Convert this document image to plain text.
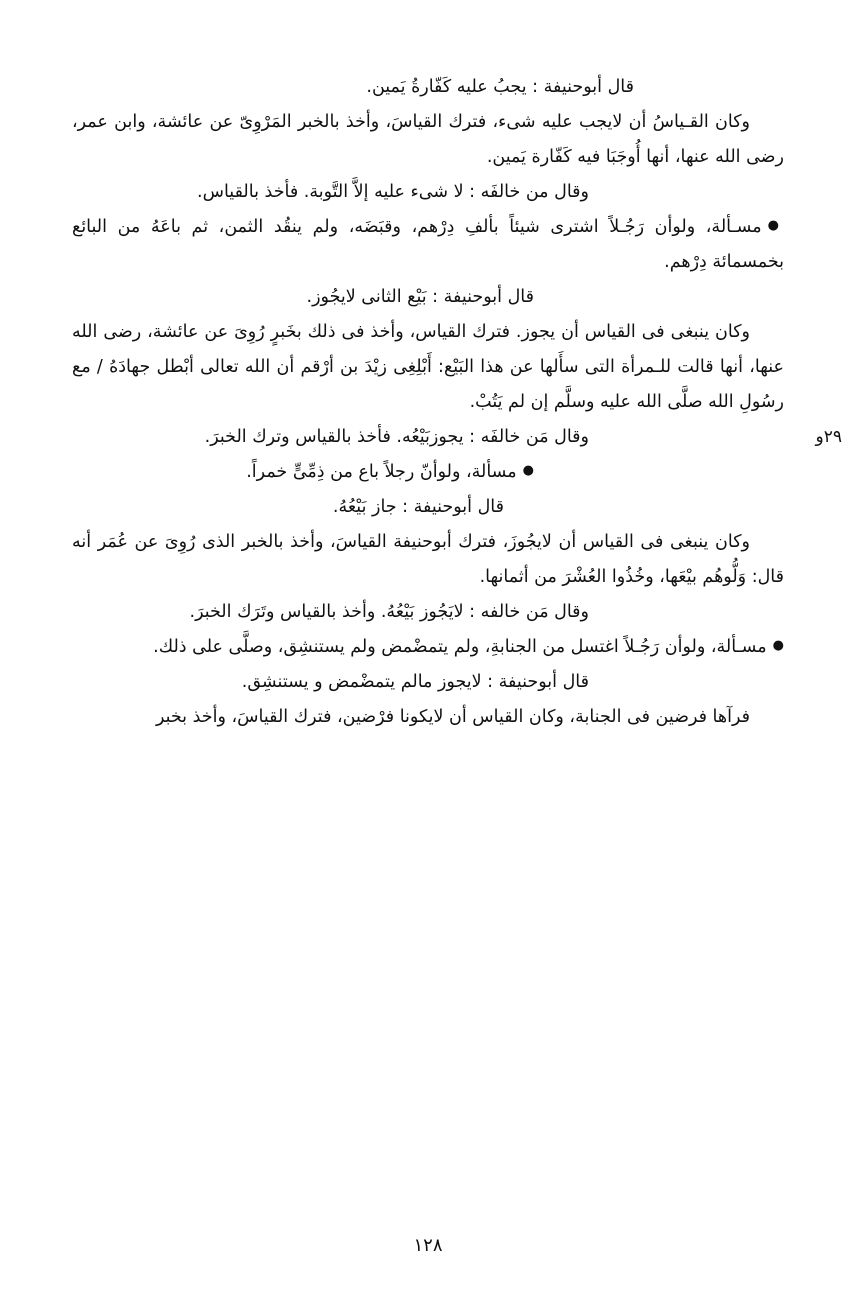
قال أبوحنيفة : يجبُ عليه كَفّارةُ يَمين.

وكان القـياسُ أن لايجب عليه شىء، فترك القياسَ، وأخذ بالخبر المَرْوِىّ عن عائشة، وابن عمر، رضى الله عنها، أنها أُوجَبَا فيه كَفّارة يَمين.

وقال من خالفَه : لا شىء عليه إلاَّ التَّوبة. فأخذ بالقياس.

●مسـألة، ولوأن رَجُـلاً اشترى شيئاً بألفِ دِرْهم، وقبَضَه، ولم ينقُد الثمن، ثم باعَهُ من البائع بخمسمائة دِرْهم.

قال أبوحنيفة : بَيْع الثانى لايجُوز.

٢٩و

وكان ينبغى فى القياس أن يجوز. فترك القياس، وأخذ فى ذلك بخَبرٍ رُوِىَ عن عائشة، رضى الله عنها، أنها قالت للـمرأة التى سأَلها عن هذا البَيْع: أَبْلِغِى زيْدَ بن أرْقم أن الله تعالى أبْطل جهادَهُ / مع رسُولِ الله صلَّى الله عليه وسلَّم إن لم يَتُبْ.

وقال مَن خالفَه : يجوزبَيْعُه. فأخذ بالقياس وترك الخبرَ.

●مسألة، ولوأنّ رجلاً باع من ذِمِّىٍّ خمراً.

قال أبوحنيفة : جاز بَيْعُهُ.

وكان ينبغى فى القياس أن لايجُوزَ، فترك أبوحنيفة القياسَ، وأخذ بالخبر الذى رُوِىَ عن عُمَر أنه قال: وَلُّوهُم بيْعَها، وخُذُوا العُشْرَ من أثمانها.

وقال مَن خالفه : لايَجُوز بَيْعُهُ. وأخذ بالقياس وتَرَك الخبرَ.

●مسـألة، ولوأن رَجُـلاً اغتسل من الجنابةِ، ولم يتمضْمض ولم يستنشِق، وصلَّى على ذلك.

قال أبوحنيفة : لايجوز مالم يتمضْمض و يستنشِق.

فرآها فرضين فى الجنابة، وكان القياس أن لايكونا فرْضين، فترك القياسَ، وأخذ بخبر

١٢٨
